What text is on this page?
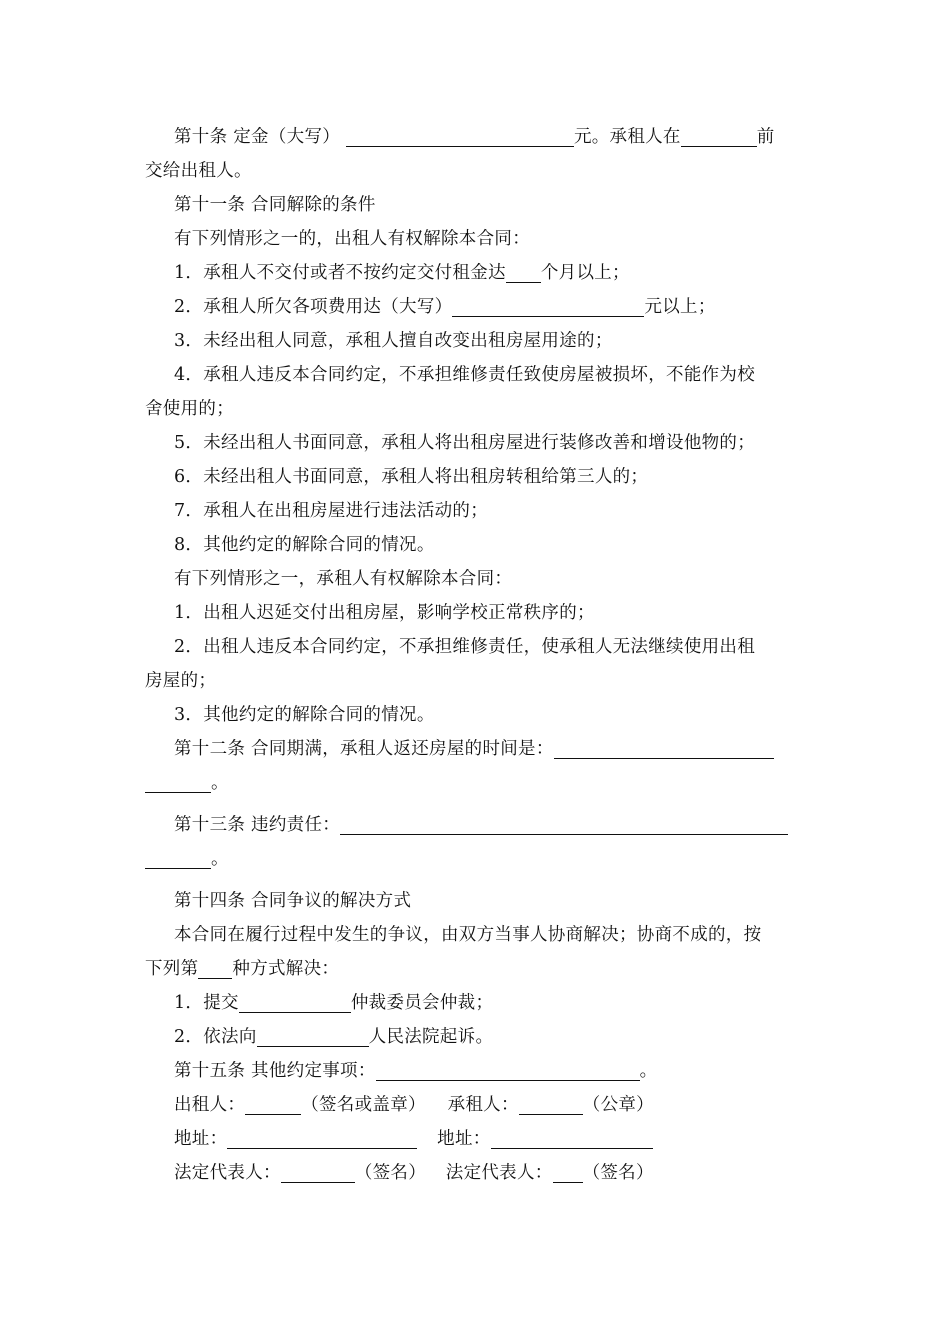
第十条 定金（大写）	元。承租人在	前
交给出租人。
第十一条 合同解除的条件
有下列情形之一的，出租人有权解除本合同：
1．承租人不交付或者不按约定交付租金达 个月以上；
2．承租人所欠各项费用达（大写）	元以上；
3．未经出租人同意，承租人擅自改变出租房屋用途的；
4．承租人违反本合同约定，不承担维修责任致使房屋被损坏，不能作为校
舍使用的；
5．未经出租人书面同意，承租人将出租房屋进行装修改善和增设他物的；
6．未经出租人书面同意，承租人将出租房转租给第三人的；
7．承租人在出租房屋进行违法活动的；
8．其他约定的解除合同的情况。
有下列情形之一，承租人有权解除本合同：
1．出租人迟延交付出租房屋，影响学校正常秩序的；
2．出租人违反本合同约定，不承担维修责任，使承租人无法继续使用出租
房屋的；
3．其他约定的解除合同的情况。
第十二条 合同期满，承租人返还房屋的时间是：
。
第十三条 违约责任：
。
第十四条 合同争议的解决方式
本合同在履行过程中发生的争议，由双方当事人协商解决；协商不成的，按
下列第 种方式解决：
1．提交	仲裁委员会仲裁；
2．依法向	人民法院起诉。
第十五条 其他约定事项：	。
出租人：	（签名或盖章） 承租人：	（公章）
地址：	地址：
法定代表人：	（签名） 法定代表人： （签名）
